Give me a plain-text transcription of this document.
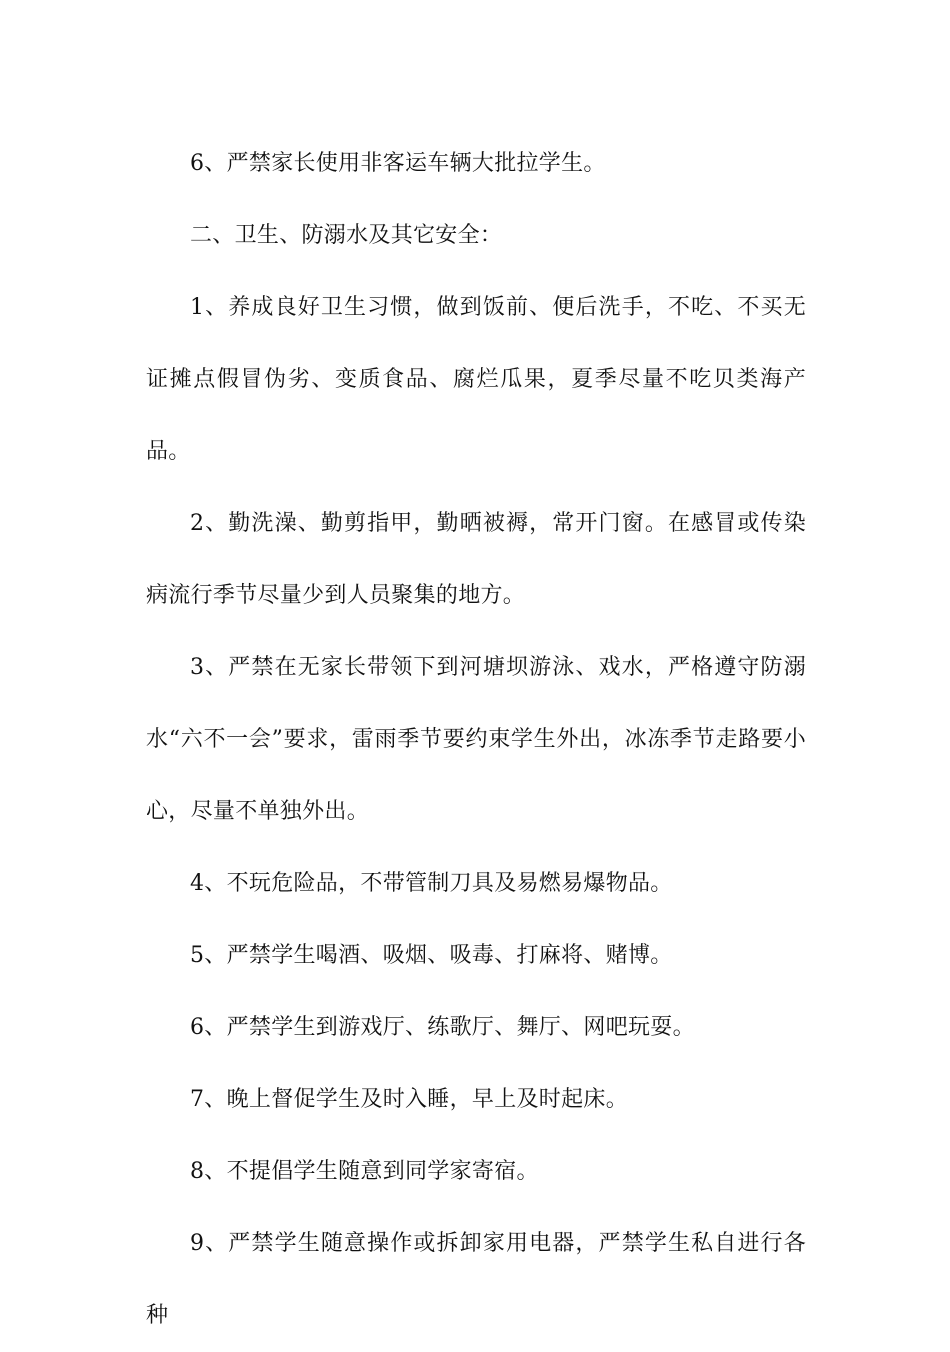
6、严禁家长使用非客运车辆大批拉学生。

二、卫生、防溺水及其它安全：

1、养成良好卫生习惯，做到饭前、便后洗手，不吃、不买无证摊点假冒伪劣、变质食品、腐烂瓜果，夏季尽量不吃贝类海产品。

2、勤洗澡、勤剪指甲，勤晒被褥，常开门窗。在感冒或传染病流行季节尽量少到人员聚集的地方。

3、严禁在无家长带领下到河塘坝游泳、戏水，严格遵守防溺水“六不一会”要求，雷雨季节要约束学生外出，冰冻季节走路要小心，尽量不单独外出。

4、不玩危险品，不带管制刀具及易燃易爆物品。

5、严禁学生喝酒、吸烟、吸毒、打麻将、赌博。

6、严禁学生到游戏厅、练歌厅、舞厅、网吧玩耍。

7、晚上督促学生及时入睡，早上及时起床。

8、不提倡学生随意到同学家寄宿。

9、严禁学生随意操作或拆卸家用电器，严禁学生私自进行各种
